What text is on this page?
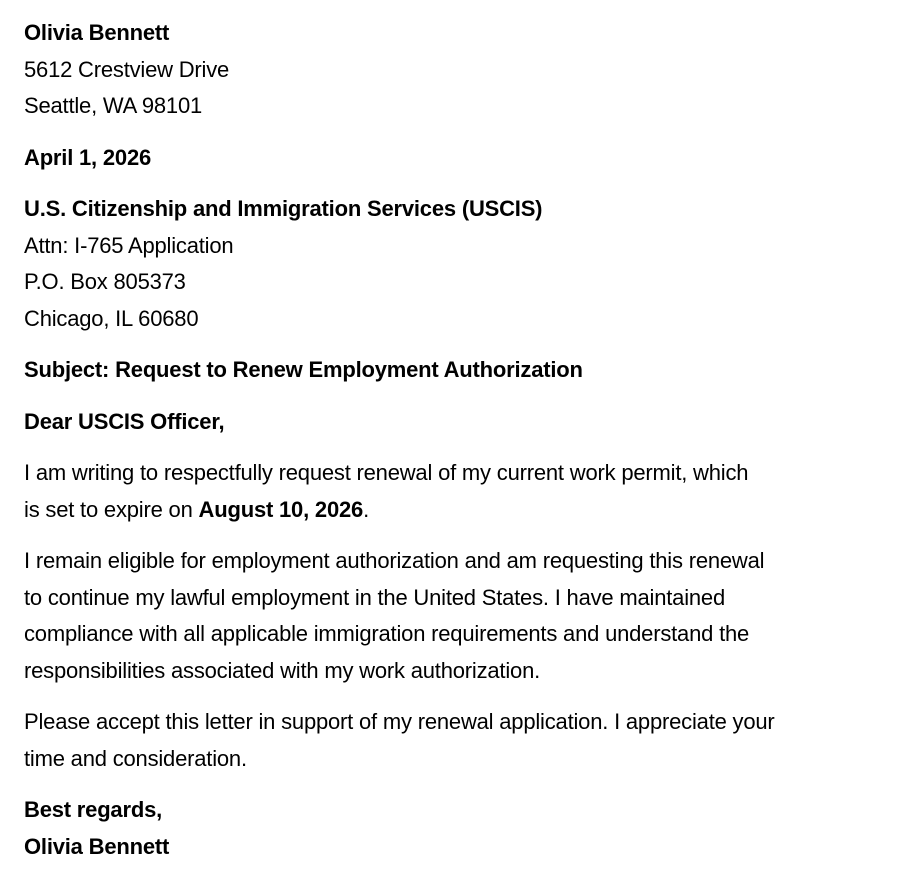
Olivia Bennett
5612 Crestview Drive
Seattle, WA 98101
April 1, 2026
U.S. Citizenship and Immigration Services (USCIS)
Attn: I-765 Application
P.O. Box 805373
Chicago, IL 60680
Subject: Request to Renew Employment Authorization
Dear USCIS Officer,
I am writing to respectfully request renewal of my current work permit, which
is set to expire on August 10, 2026.
I remain eligible for employment authorization and am requesting this renewal
to continue my lawful employment in the United States. I have maintained
compliance with all applicable immigration requirements and understand the
responsibilities associated with my work authorization.
Please accept this letter in support of my renewal application. I appreciate your
time and consideration.
Best regards,
Olivia Bennett
